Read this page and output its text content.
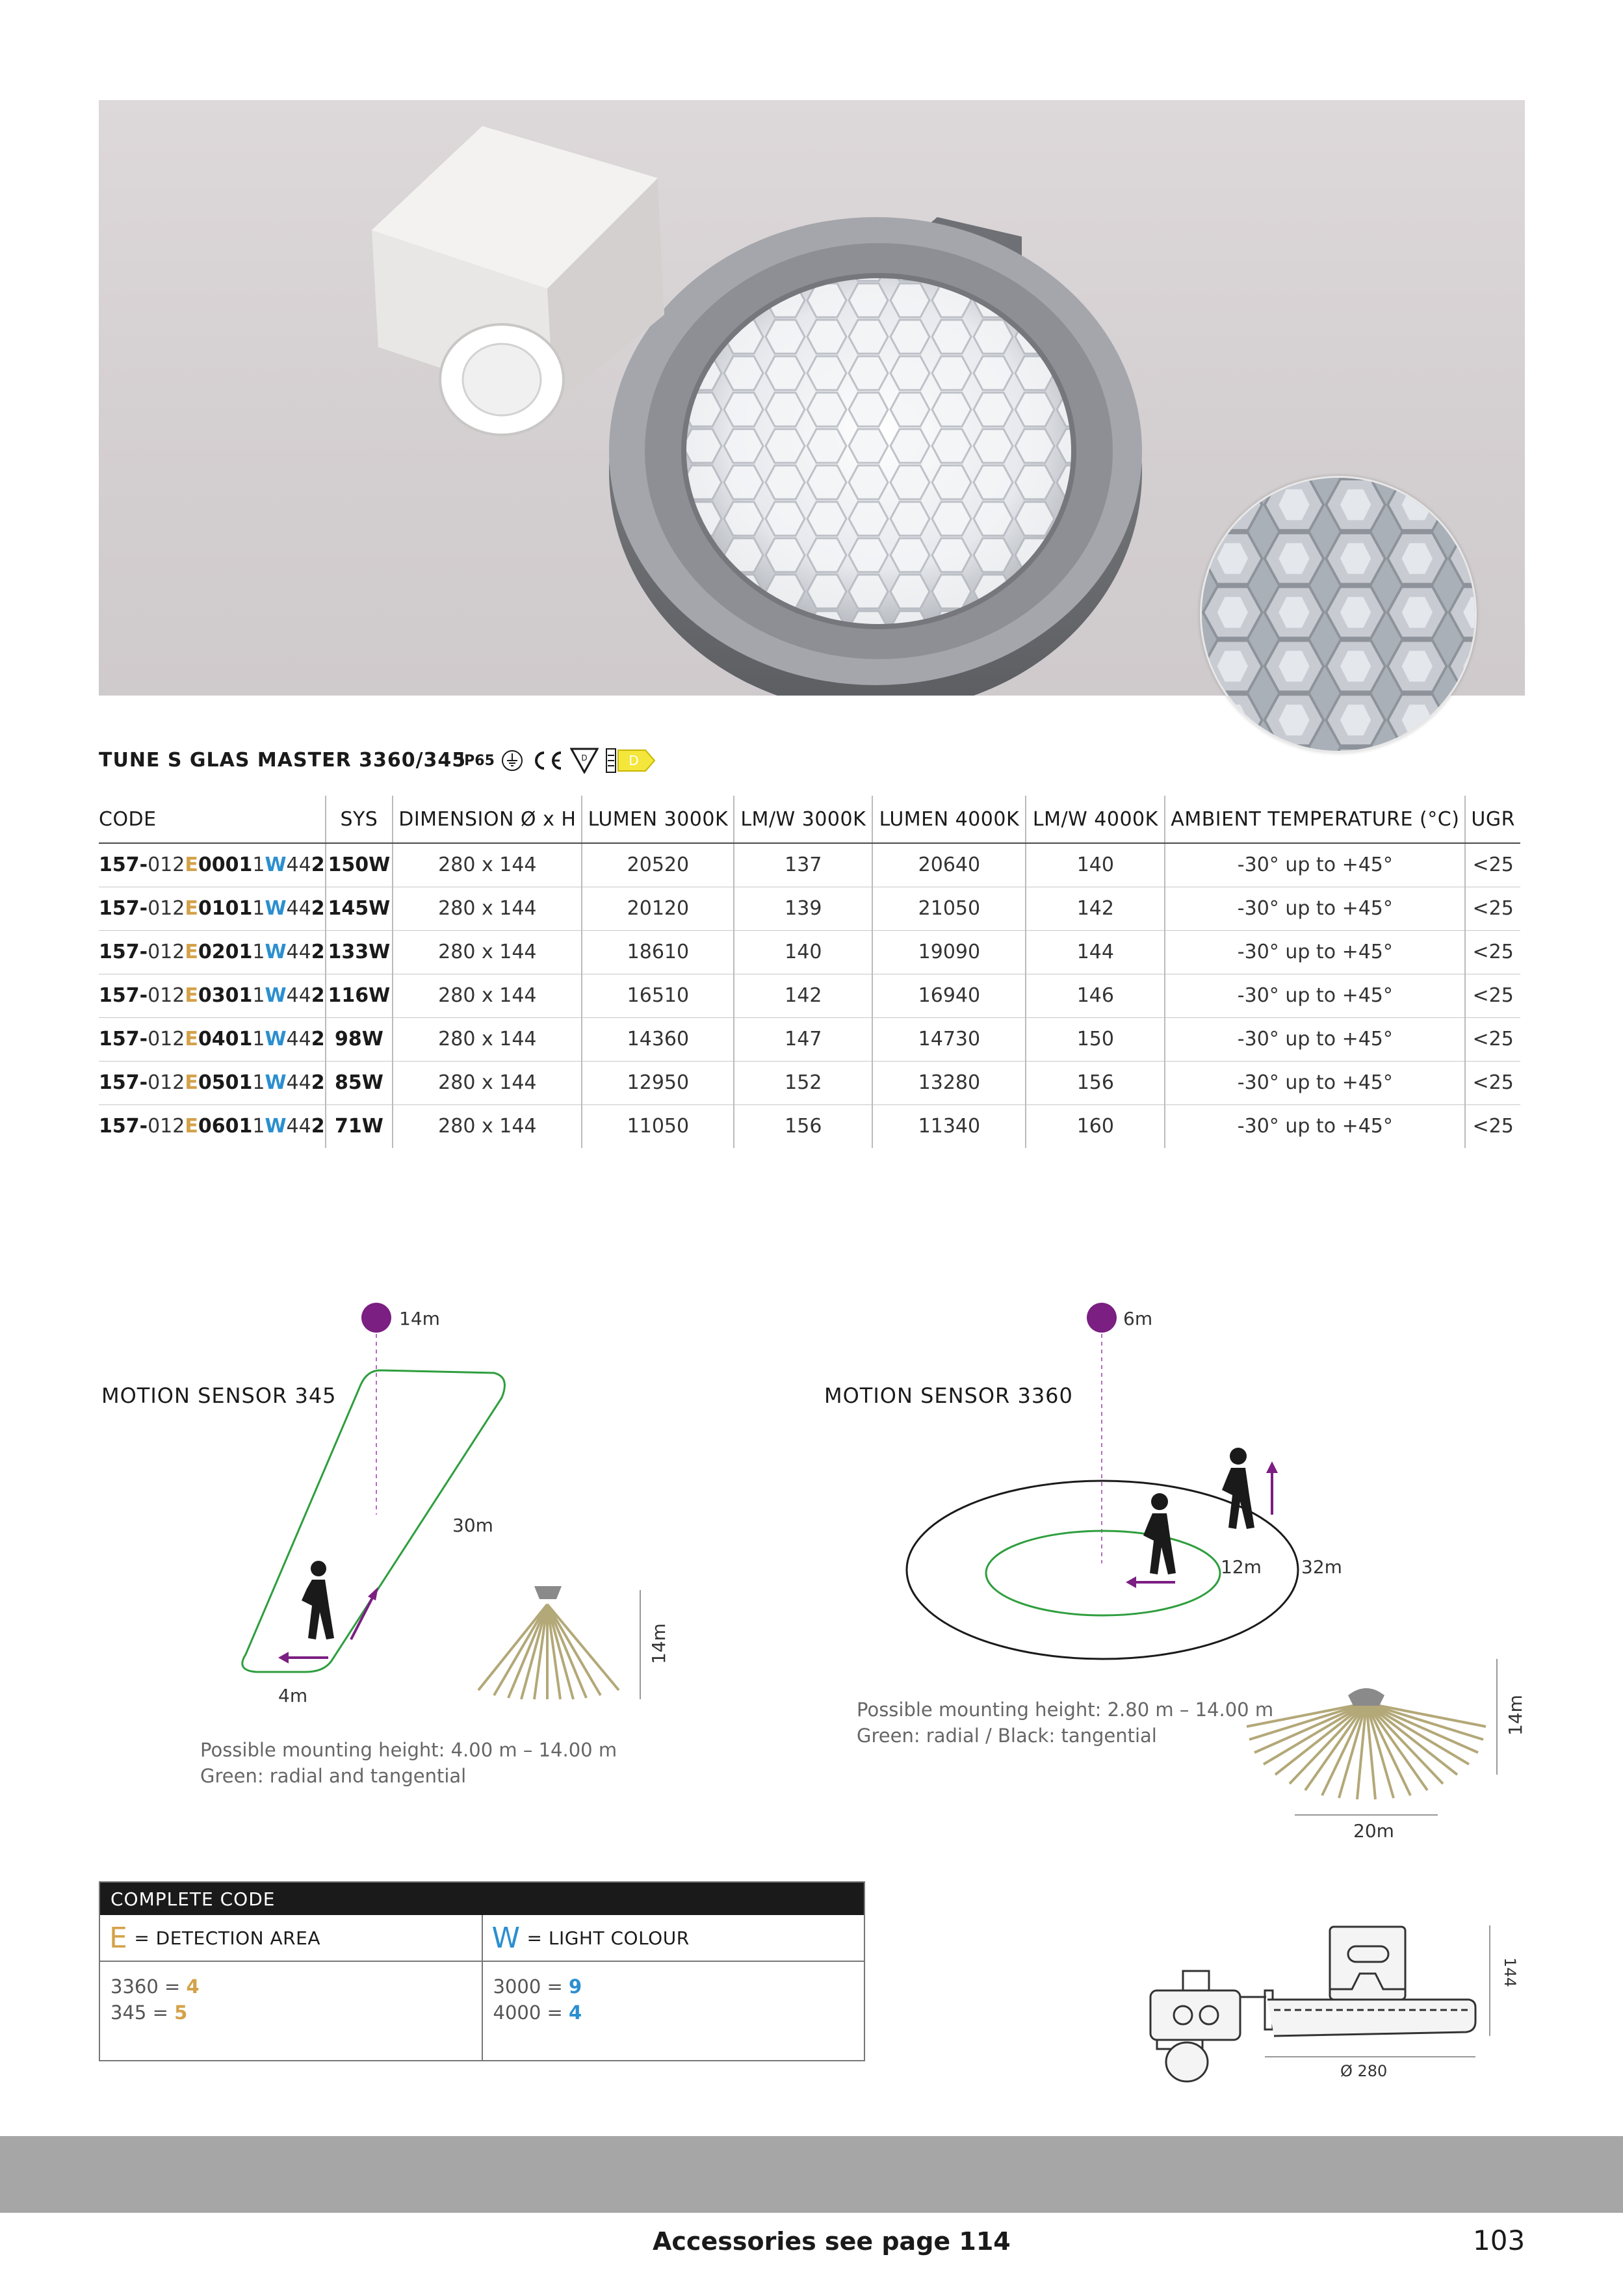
TUNE S GLAS MASTER 3360/345
IP65	D	D
CODE	SYS	DIMENSION Ø x H	LUMEN 3000K	LM/W 3000K	LUMEN 4000K	LM/W 4000K	AMBIENT TEMPERATURE (°C)	UGR
157-012E00011W442	150W	280 x 144	20520	137	20640	140	-30° up to +45°	<25
157-012E01011W442	145W	280 x 144	20120	139	21050	142	-30° up to +45°	<25
157-012E02011W442	133W	280 x 144	18610	140	19090	144	-30° up to +45°	<25
157-012E03011W442	116W	280 x 144	16510	142	16940	146	-30° up to +45°	<25
157-012E04011W442	98W	280 x 144	14360	147	14730	150	-30° up to +45°	<25
157-012E05011W442	85W	280 x 144	12950	152	13280	156	-30° up to +45°	<25
157-012E06011W442	71W	280 x 144	11050	156	11340	160	-30° up to +45°	<25
MOTION SENSOR 345
14m
30m
4m
14m
Possible mounting height: 4.00 m – 14.00 m
Green: radial and tangential
MOTION SENSOR 3360
6m
12m 32m
14m
20m
Possible mounting height: 2.80 m – 14.00 m
Green: radial / Black: tangential
144
Ø 280
COMPLETE CODE
E = DETECTION AREA
3360 = 4
345 = 5
W = LIGHT COLOUR
3000 = 9
4000 = 4
Accessories see page 114	103
